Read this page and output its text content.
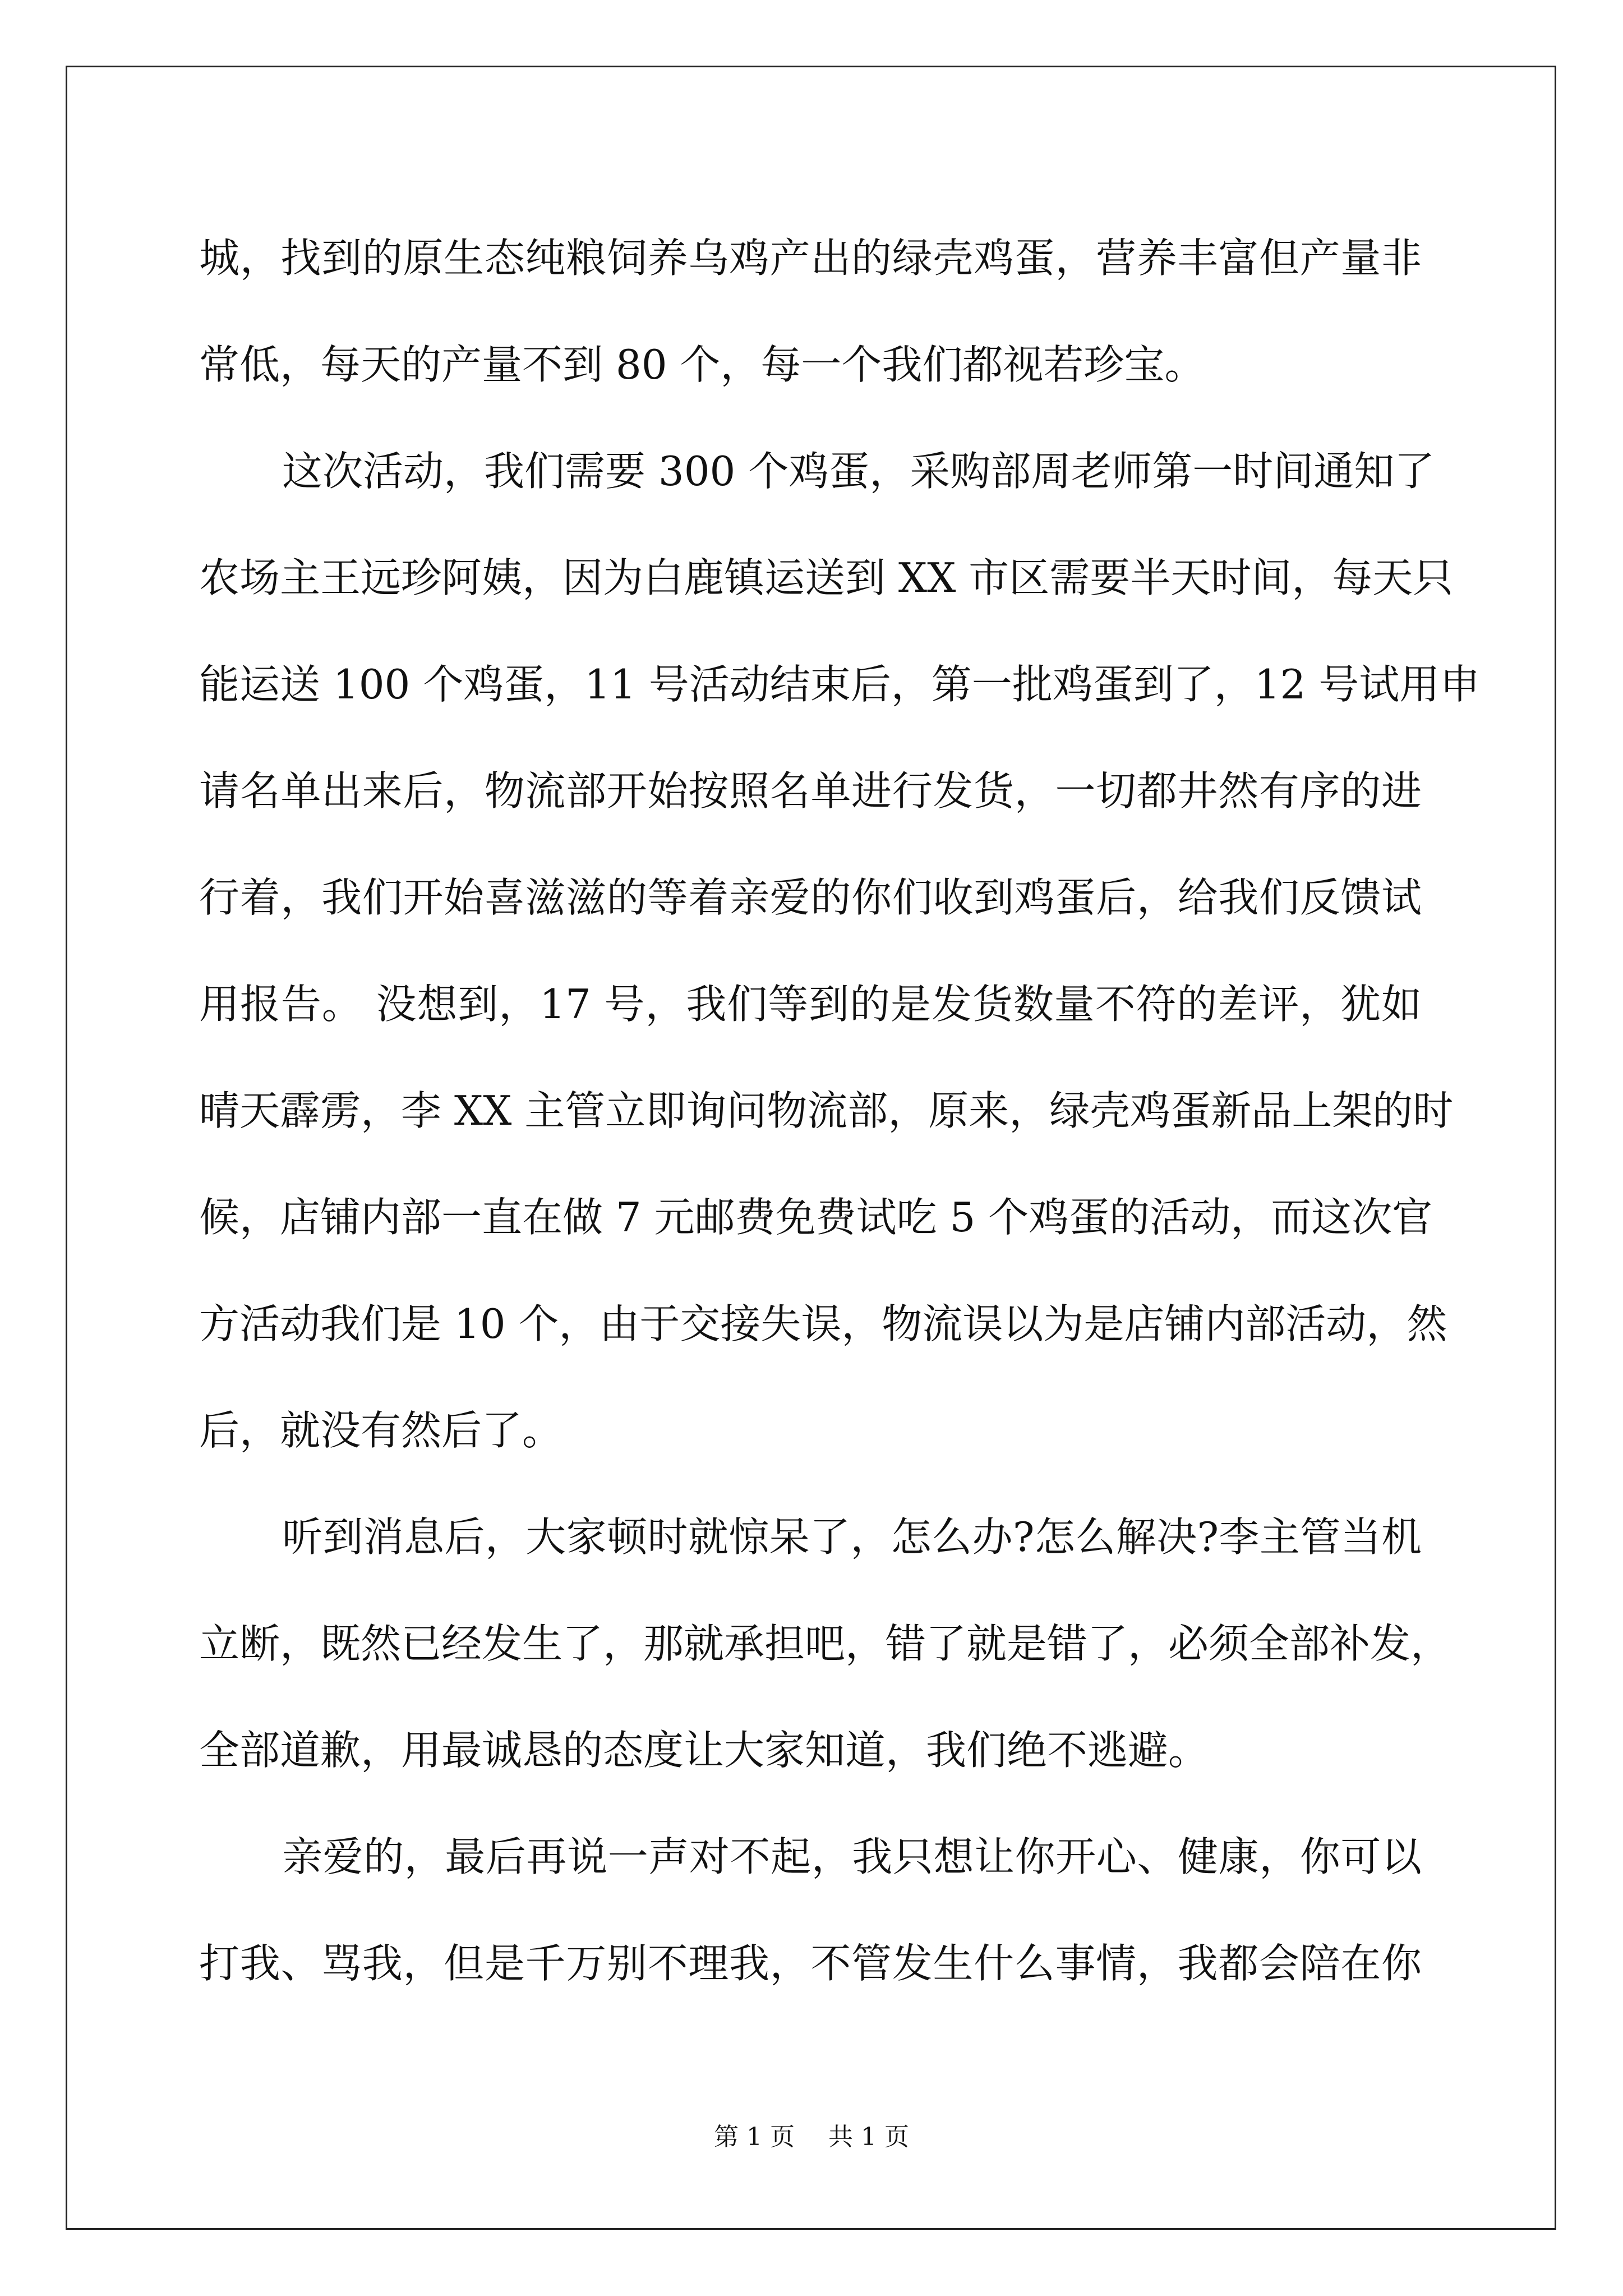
城，找到的原生态纯粮饲养乌鸡产出的绿壳鸡蛋，营养丰富但产量非
常低，每天的产量不到 80 个，每一个我们都视若珍宝。
这次活动，我们需要 300 个鸡蛋，采购部周老师第一时间通知了
农场主王远珍阿姨，因为白鹿镇运送到 XX 市区需要半天时间，每天只
能运送 100 个鸡蛋，11 号活动结束后，第一批鸡蛋到了，12 号试用申
请名单出来后，物流部开始按照名单进行发货，一切都井然有序的进
行着，我们开始喜滋滋的等着亲爱的你们收到鸡蛋后，给我们反馈试
用报告。 没想到，17 号，我们等到的是发货数量不符的差评，犹如
晴天霹雳，李 XX 主管立即询问物流部，原来，绿壳鸡蛋新品上架的时
候，店铺内部一直在做 7 元邮费免费试吃 5 个鸡蛋的活动，而这次官
方活动我们是 10 个，由于交接失误，物流误以为是店铺内部活动，然
后，就没有然后了。
听到消息后，大家顿时就惊呆了，怎么办?怎么解决?李主管当机
立断，既然已经发生了，那就承担吧，错了就是错了，必须全部补发，
全部道歉，用最诚恳的态度让大家知道，我们绝不逃避。
亲爱的，最后再说一声对不起，我只想让你开心、健康，你可以
打我、骂我，但是千万别不理我，不管发生什么事情，我都会陪在你
第 1 页 共 1 页
